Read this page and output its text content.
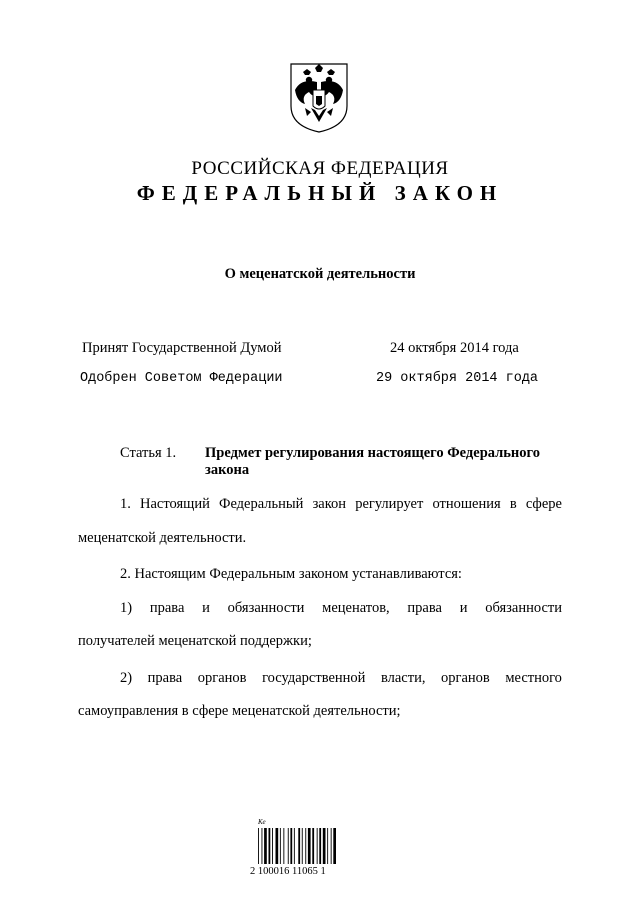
РОССИЙСКАЯ ФЕДЕРАЦИЯ
ФЕДЕРАЛЬНЫЙ ЗАКОН
О меценатской деятельности
Принят Государственной Думой	24 октября 2014 года
Одобрен Советом Федерации	29 октября 2014 года
Статья 1. Предмет регулирования настоящего Федерального закона
1. Настоящий Федеральный закон регулирует отношения в сфере
меценатской деятельности.
2. Настоящим Федеральным законом устанавливаются:
1) права и обязанности меценатов, права и обязанности
получателей меценатской поддержки;
2) права органов государственной власти, органов местного
самоуправления в сфере меценатской деятельности;
Ке
2 100016 11065 1
